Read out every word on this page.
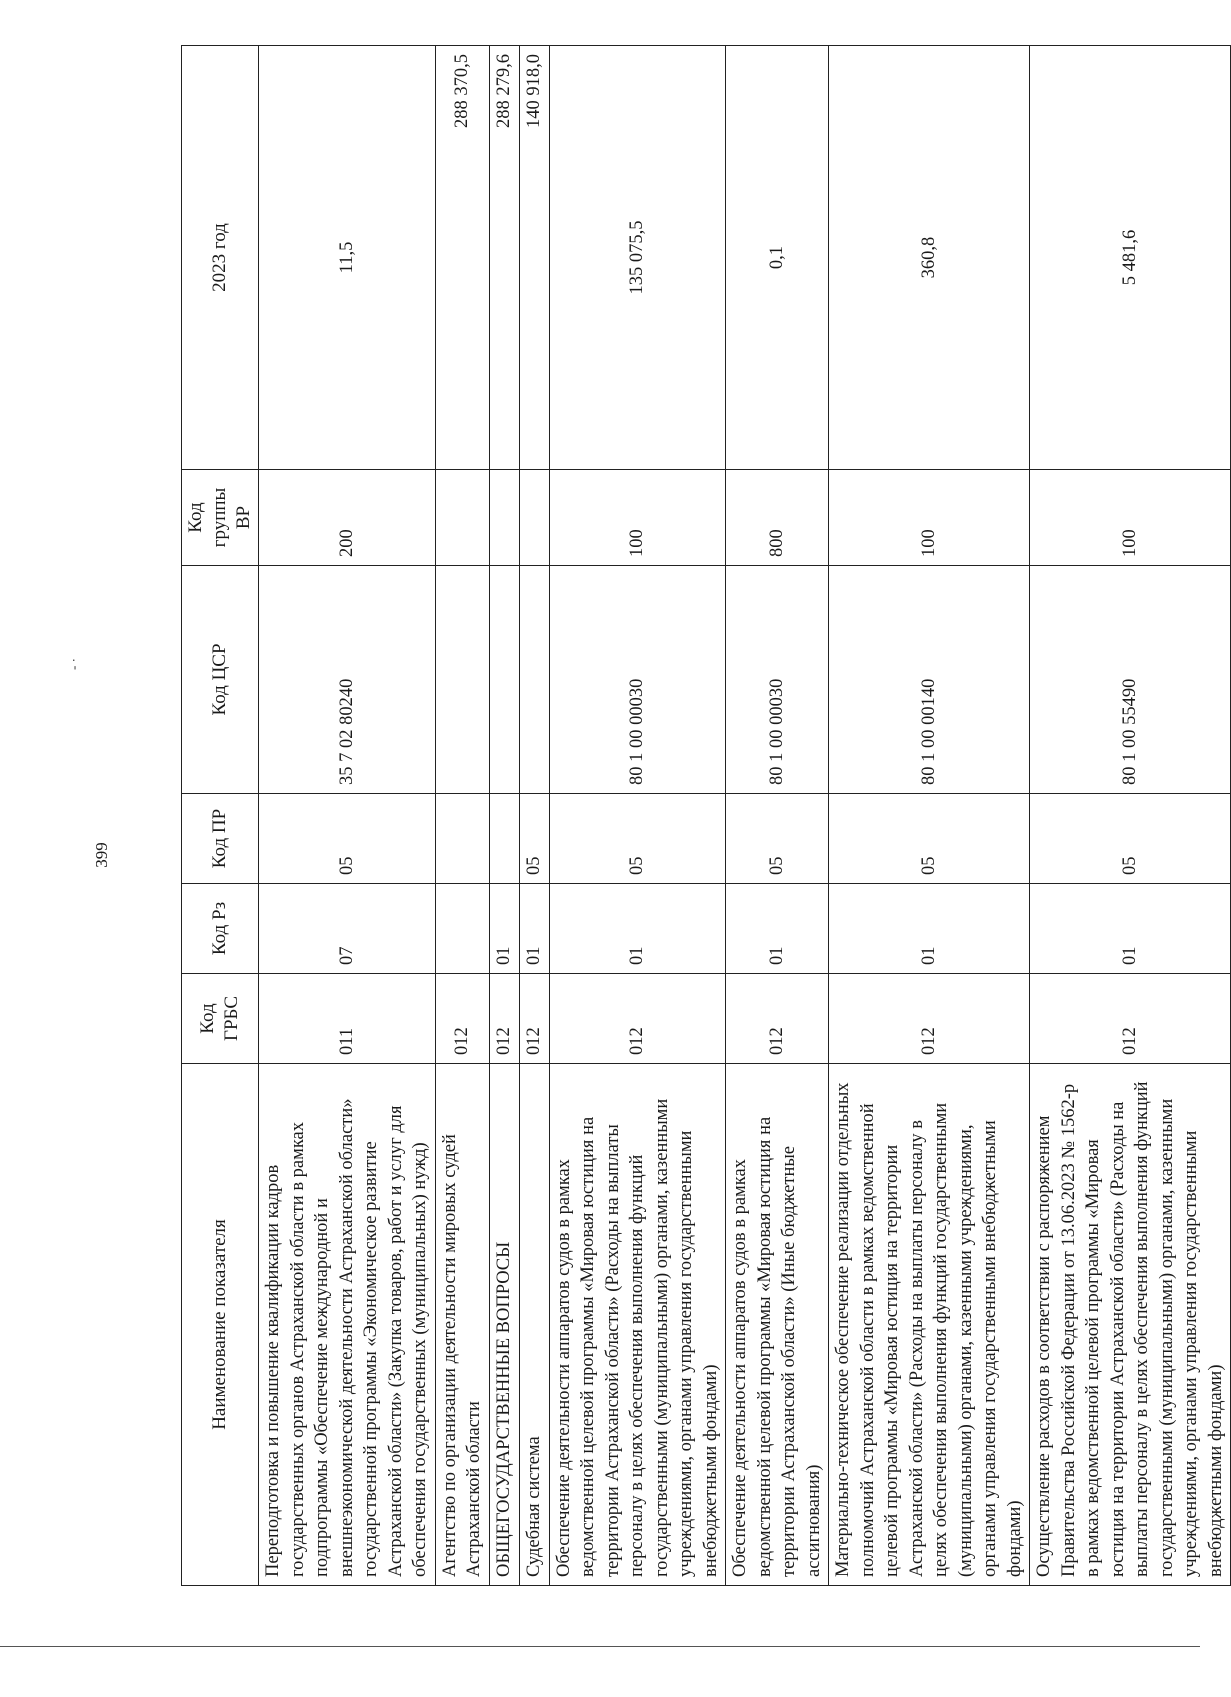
- ·
399
Наименование показателя	Код ГРБС	Код Рз	Код ПР	Код ЦСР	Код группы ВР	2023 год
Переподготовка и повышение квалификации кадров государственных органов Астраханской области в рамках подпрограммы «Обеспечение международной и внешнеэкономической деятельности Астраханской области» государственной программы «Экономическое развитие Астраханской области» (Закупка товаров, работ и услуг для обеспечения государственных (муниципальных) нужд)	011	07	05	35 7 02 80240	200	11,5
Агентство по организации деятельности мировых судей Астраханской области	012					288 370,5
ОБЩЕГОСУДАРСТВЕННЫЕ ВОПРОСЫ	012	01				288 279,6
Судебная система	012	01	05			140 918,0
Обеспечение деятельности аппаратов судов в рамках ведомственной целевой программы «Мировая юстиция на территории Астраханской области» (Расходы на выплаты персоналу в целях обеспечения выполнения функций государственными (муниципальными) органами, казенными учреждениями, органами управления государственными внебюджетными фондами)	012	01	05	80 1 00 00030	100	135 075,5
Обеспечение деятельности аппаратов судов в рамках ведомственной целевой программы «Мировая юстиция на территории Астраханской области» (Иные бюджетные ассигнования)	012	01	05	80 1 00 00030	800	0,1
Материально-техническое обеспечение реализации отдельных полномочий Астраханской области в рамках ведомственной целевой программы «Мировая юстиция на территории Астраханской области» (Расходы на выплаты персоналу в целях обеспечения выполнения функций государственными (муниципальными) органами, казенными учреждениями, органами управления государственными внебюджетными фондами)	012	01	05	80 1 00 00140	100	360,8
Осуществление расходов в соответствии с распоряжением Правительства Российской Федерации от 13.06.2023 № 1562-р в рамках ведомственной целевой программы «Мировая юстиция на территории Астраханской области» (Расходы на выплаты персоналу в целях обеспечения выполнения функций государственными (муниципальными) органами, казенными учреждениями, органами управления государственными внебюджетными фондами)	012	01	05	80 1 00 55490	100	5 481,6
